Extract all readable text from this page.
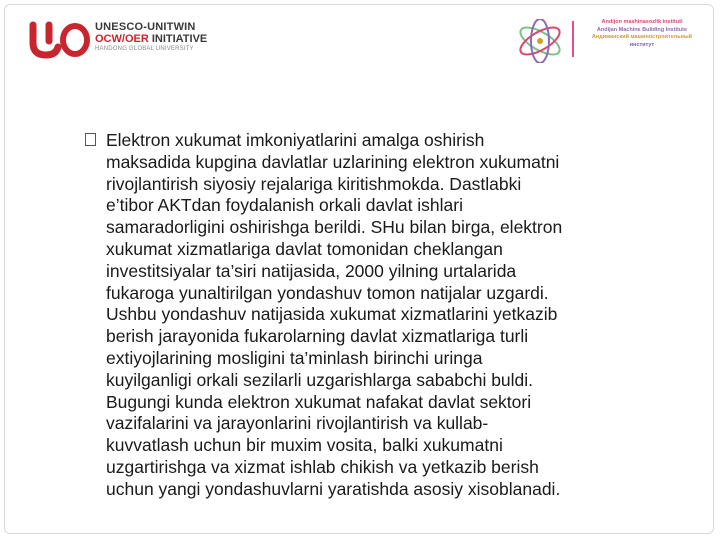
UNESCO-UNITWIN
OCW/OER INITIATIVE
HANDONG GLOBAL UNIVERSITY
Andijon mashinasozlik instituti
Andijan Machine Building Institute
Андижанский машиностроительный
институт

Elektron xukumat imkoniyatlarini amalga oshirish
maksadida kupgina davlatlar uzlarining elektron xukumatni
rivojlantirish siyosiy rejalariga kiritishmokda. Dastlabki
e’tibor AKTdan foydalanish orkali davlat ishlari
samaradorligini oshirishga berildi. SHu bilan birga, elektron
xukumat xizmatlariga davlat tomonidan cheklangan
investitsiyalar ta’siri natijasida, 2000 yilning urtalarida
fukaroga yunaltirilgan yondashuv tomon natijalar uzgardi.
Ushbu yondashuv natijasida xukumat xizmatlarini yetkazib
berish jarayonida fukarolarning davlat xizmatlariga turli
extiyojlarining mosligini ta’minlash birinchi uringa
kuyilganligi orkali sezilarli uzgarishlarga sababchi buldi.
Bugungi kunda elektron xukumat nafakat davlat sektori
vazifalarini va jarayonlarini rivojlantirish va kullab-
kuvvatlash uchun bir muxim vosita, balki xukumatni
uzgartirishga va xizmat ishlab chikish va yetkazib berish
uchun yangi yondashuvlarni yaratishda asosiy xisoblanadi.
